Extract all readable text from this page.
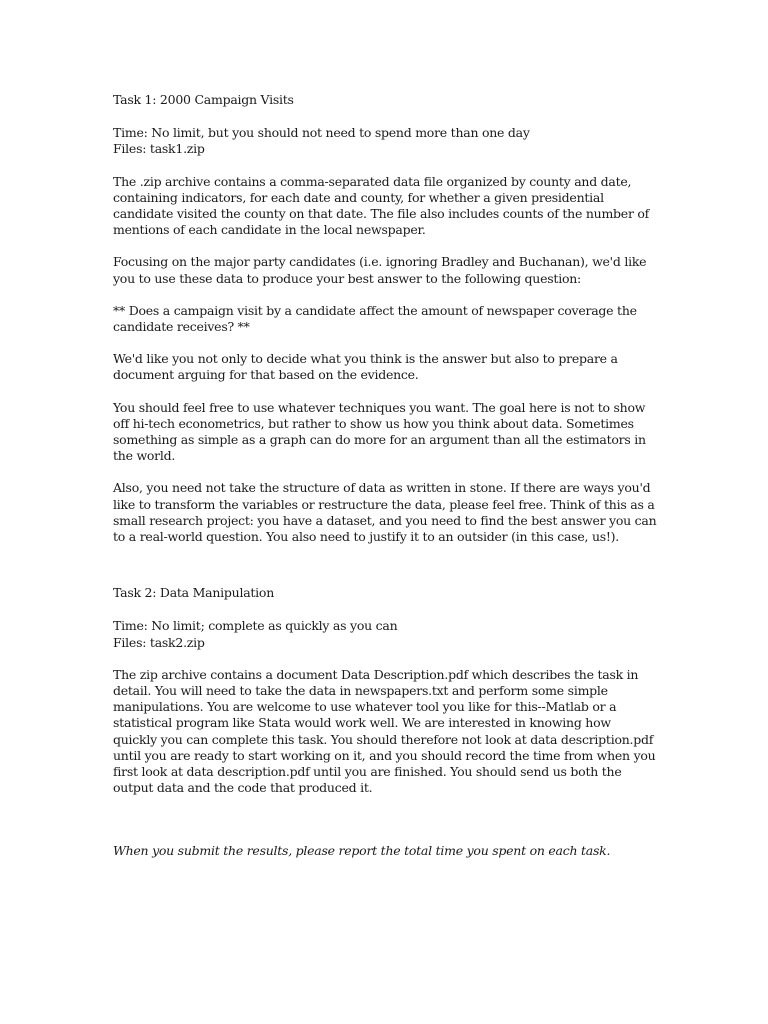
Task 1: 2000 Campaign Visits

Time: No limit, but you should not need to spend more than one day
Files: task1.zip

The .zip archive contains a comma-separated data file organized by county and date, containing indicators, for each date and county, for whether a given presidential candidate visited the county on that date. The file also includes counts of the number of mentions of each candidate in the local newspaper.

Focusing on the major party candidates (i.e. ignoring Bradley and Buchanan), we'd like you to use these data to produce your best answer to the following question:

** Does a campaign visit by a candidate affect the amount of newspaper coverage the candidate receives? **

We'd like you not only to decide what you think is the answer but also to prepare a document arguing for that based on the evidence.

You should feel free to use whatever techniques you want. The goal here is not to show off hi-tech econometrics, but rather to show us how you think about data. Sometimes something as simple as a graph can do more for an argument than all the estimators in the world.

Also, you need not take the structure of data as written in stone. If there are ways you'd like to transform the variables or restructure the data, please feel free. Think of this as a small research project: you have a dataset, and you need to find the best answer you can to a real-world question. You also need to justify it to an outsider (in this case, us!).

Task 2: Data Manipulation

Time: No limit; complete as quickly as you can
Files: task2.zip

The zip archive contains a document Data Description.pdf which describes the task in detail. You will need to take the data in newspapers.txt and perform some simple manipulations. You are welcome to use whatever tool you like for this--Matlab or a statistical program like Stata would work well. We are interested in knowing how quickly you can complete this task. You should therefore not look at data description.pdf until you are ready to start working on it, and you should record the time from when you first look at data description.pdf until you are finished. You should send us both the output data and the code that produced it.

When you submit the results, please report the total time you spent on each task.
